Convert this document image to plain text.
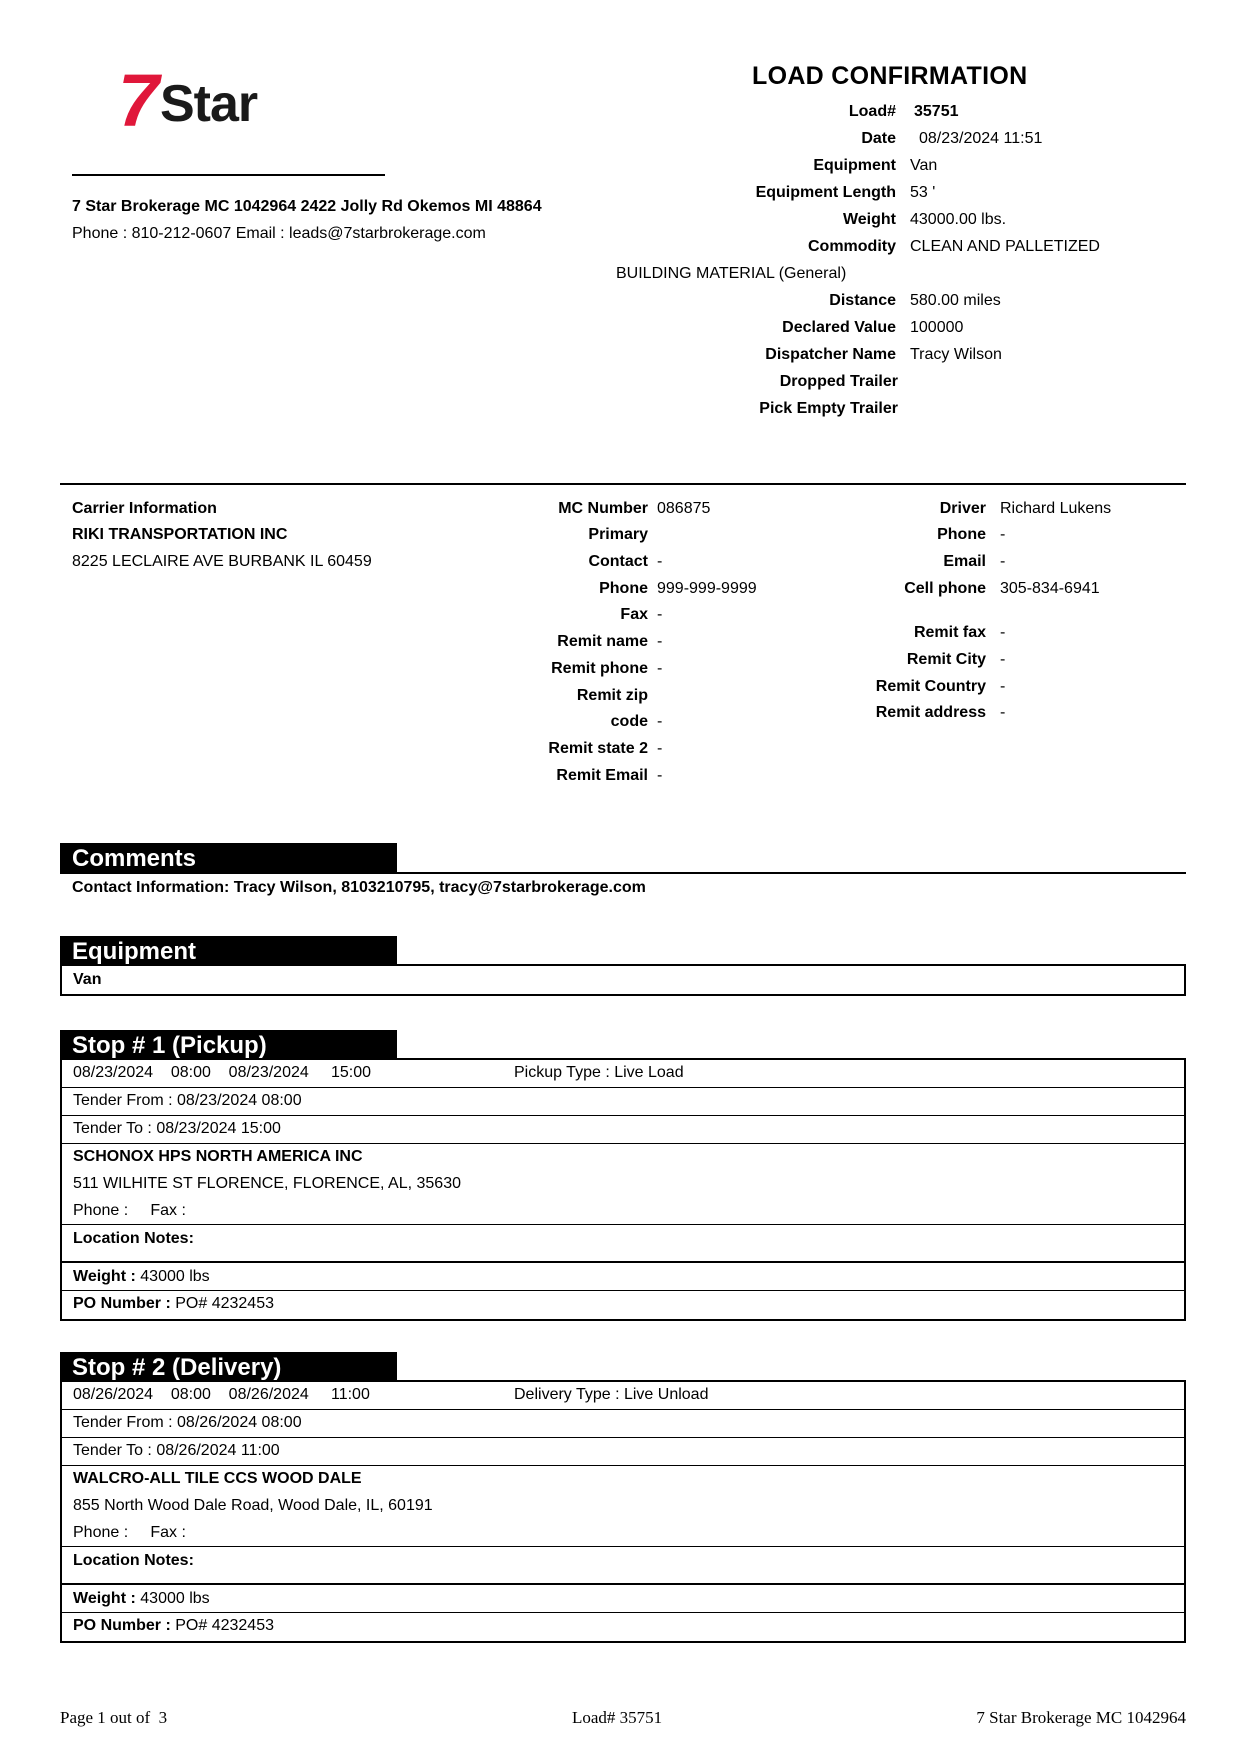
7 Star
7 Star Brokerage MC 1042964 2422 Jolly Rd Okemos MI 48864
Phone : 810-212-0607 Email : leads@7starbrokerage.com
LOAD CONFIRMATION
Load# 35751
Date 08/23/2024 11:51
Equipment Van
Equipment Length 53 '
Weight 43000.00 lbs.
Commodity CLEAN AND PALLETIZED
BUILDING MATERIAL (General)
Distance 580.00 miles
Declared Value 100000
Dispatcher Name Tracy Wilson
Dropped Trailer
Pick Empty Trailer
Carrier Information
RIKI TRANSPORTATION INC
8225 LECLAIRE AVE BURBANK IL 60459
MC Number 086875
Primary
Contact -
Phone 999-999-9999
Fax -
Remit name -
Remit phone -
Remit zip
code -
Remit state 2 -
Remit Email -
Driver Richard Lukens
Phone -
Email -
Cell phone 305-834-6941
Remit fax -
Remit City -
Remit Country -
Remit address -
Comments
Contact Information: Tracy Wilson, 8103210795, tracy@7starbrokerage.com
Equipment
Van
Stop # 1 (Pickup)
08/23/2024    08:00    08/23/2024     15:00	Pickup Type : Live Load
Tender From : 08/23/2024 08:00
Tender To : 08/23/2024 15:00
SCHONOX HPS NORTH AMERICA INC
511 WILHITE ST FLORENCE, FLORENCE, AL, 35630
Phone :     Fax :
Location Notes:
Weight : 43000 lbs
PO Number : PO# 4232453
Stop # 2 (Delivery)
08/26/2024    08:00    08/26/2024     11:00	Delivery Type : Live Unload
Tender From : 08/26/2024 08:00
Tender To : 08/26/2024 11:00
WALCRO-ALL TILE CCS WOOD DALE
855 North Wood Dale Road, Wood Dale, IL, 60191
Phone :     Fax :
Location Notes:
Weight : 43000 lbs
PO Number : PO# 4232453
Page 1 out of  3	Load# 35751	7 Star Brokerage MC 1042964
